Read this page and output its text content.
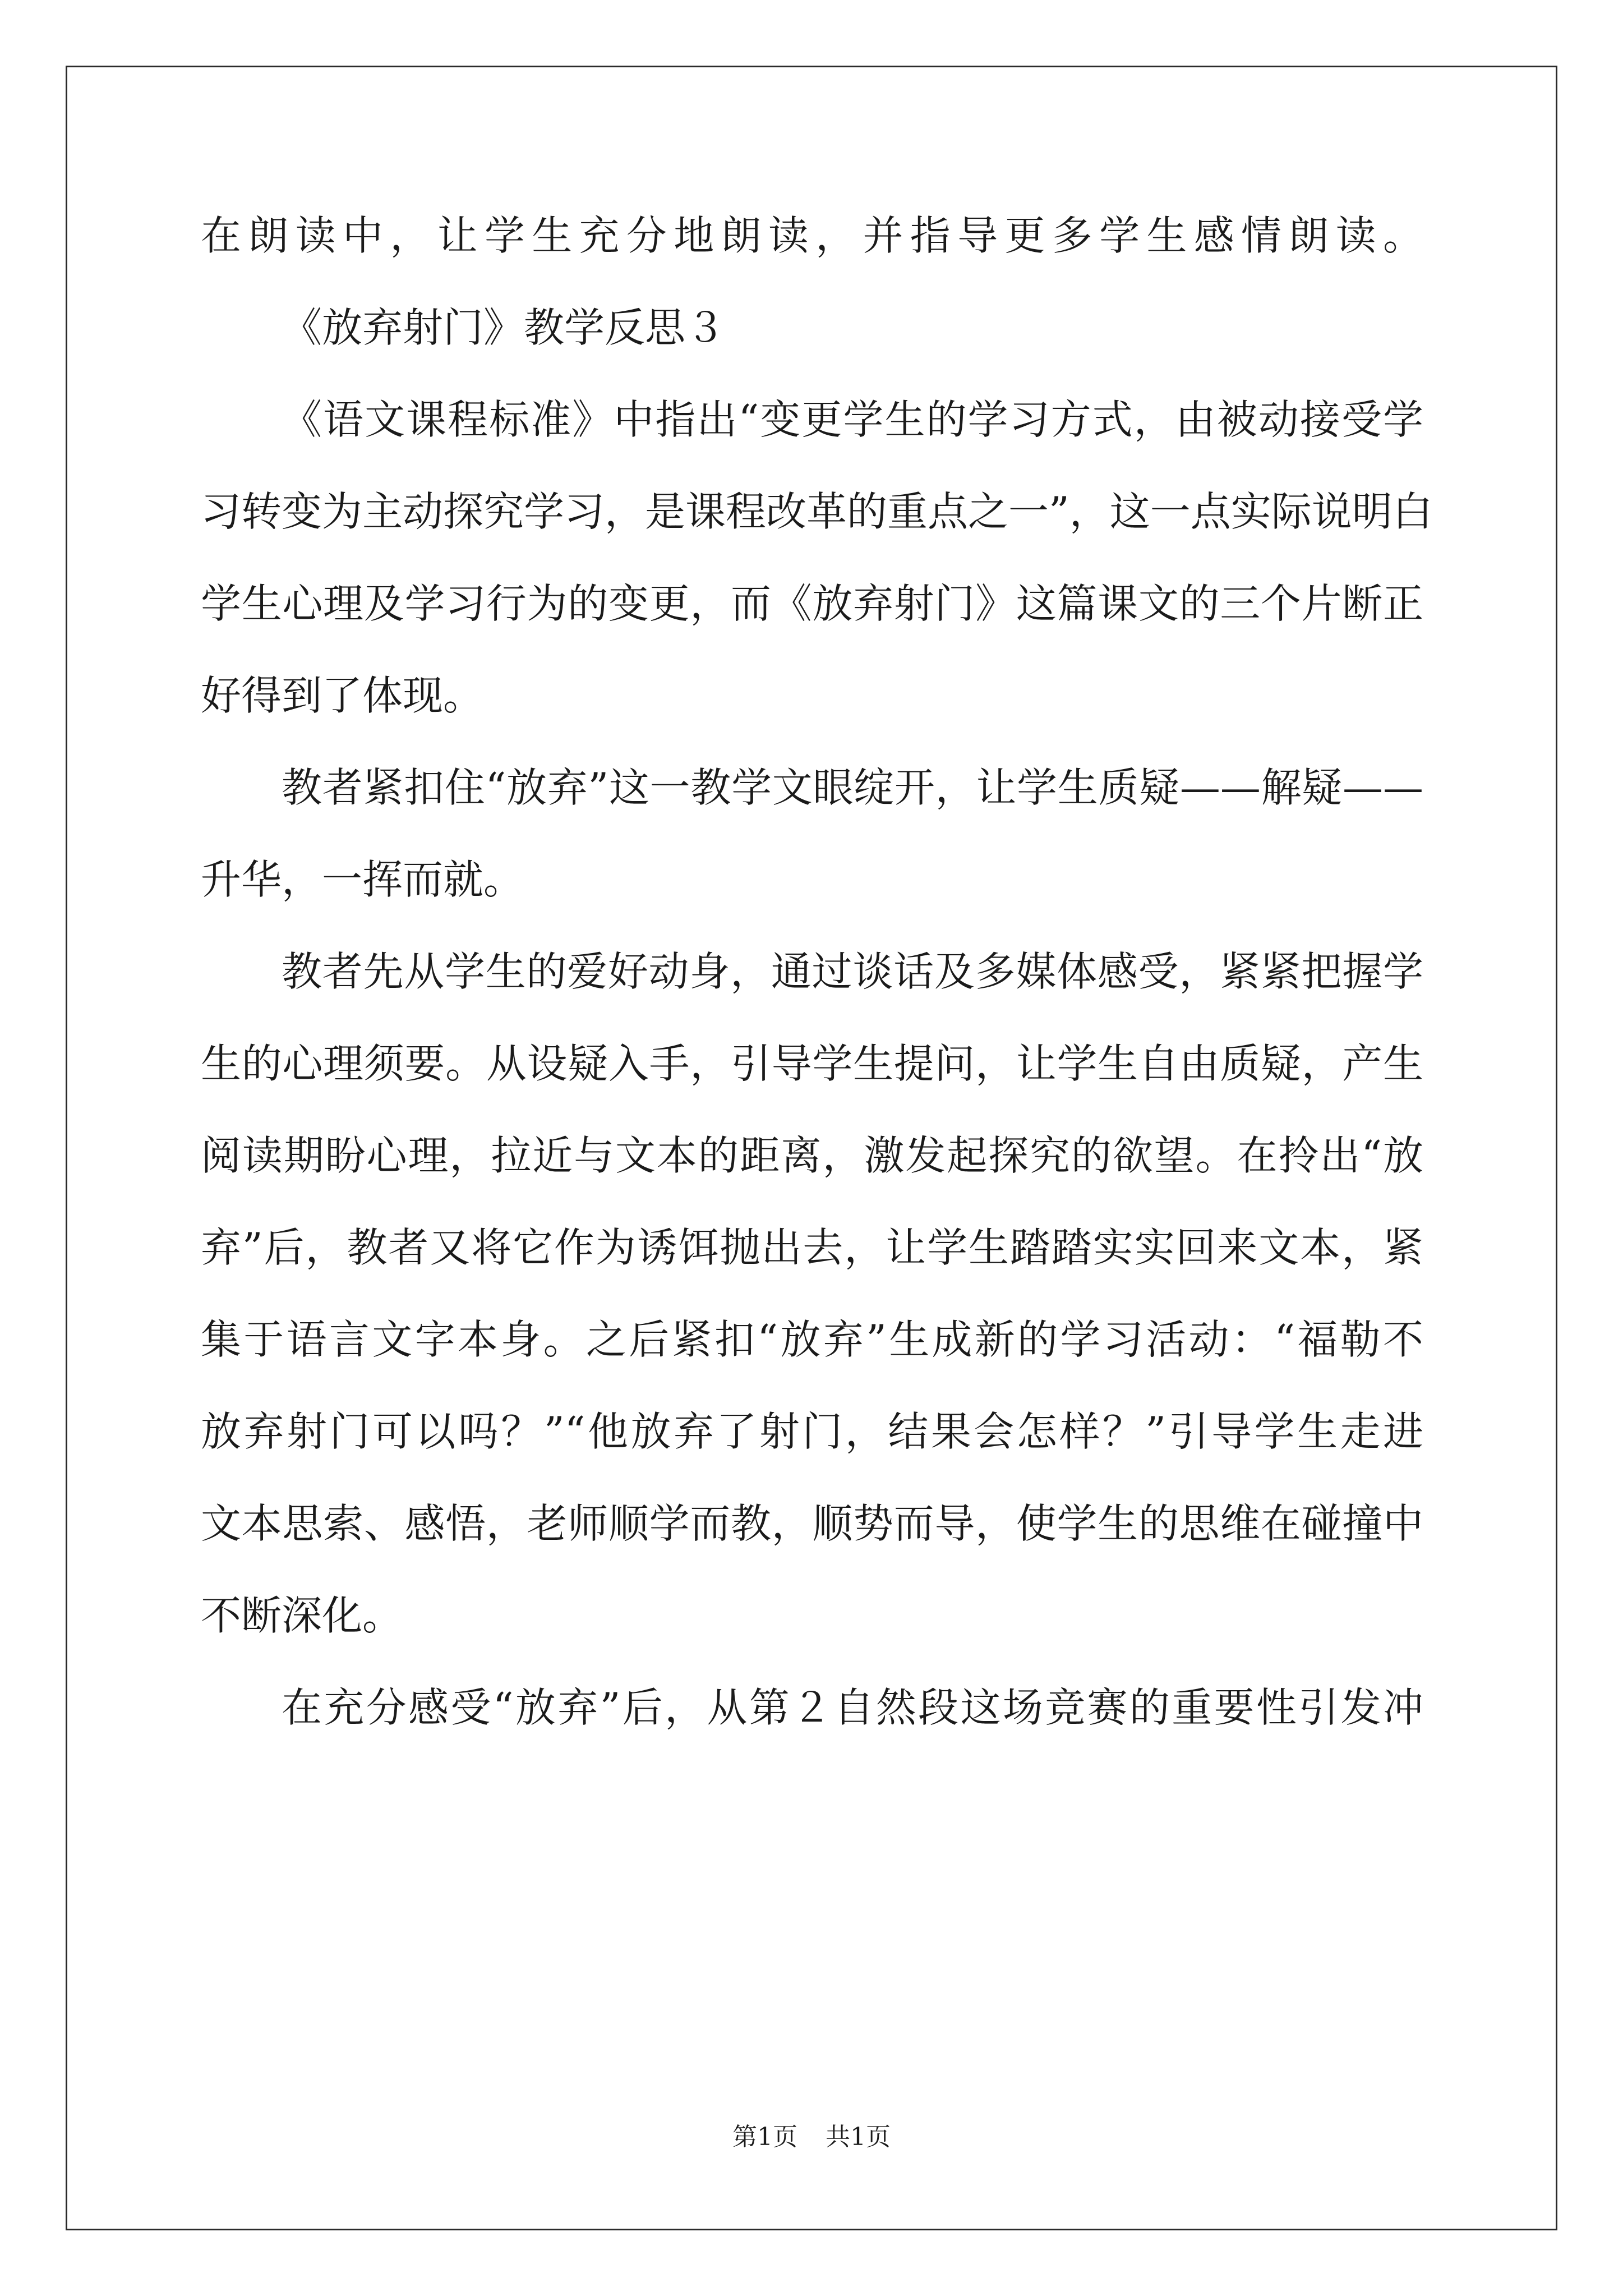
在朗读中，让学生充分地朗读，并指导更多学生感情朗读。
《放弃射门》教学反思３
《语文课程标准》中指出“变更学生的学习方式，由被动接受学
习转变为主动探究学习，是课程改革的重点之一”，这一点实际说明白
学生心理及学习行为的变更，而《放弃射门》这篇课文的三个片断正
好得到了体现。
教者紧扣住“放弃”这一教学文眼绽开，让学生质疑——解疑——
升华，一挥而就。
教者先从学生的爱好动身，通过谈话及多媒体感受，紧紧把握学
生的心理须要。从设疑入手，引导学生提问，让学生自由质疑，产生
阅读期盼心理，拉近与文本的距离，激发起探究的欲望。在拎出“放
弃”后，教者又将它作为诱饵抛出去，让学生踏踏实实回来文本，紧
集于语言文字本身。之后紧扣“放弃”生成新的学习活动：“福勒不
放弃射门可以吗？”“他放弃了射门，结果会怎样？”引导学生走进
文本思索、感悟，老师顺学而教，顺势而导，使学生的思维在碰撞中
不断深化。
在充分感受“放弃”后，从第２自然段这场竞赛的重要性引发冲
第1页 共1页
